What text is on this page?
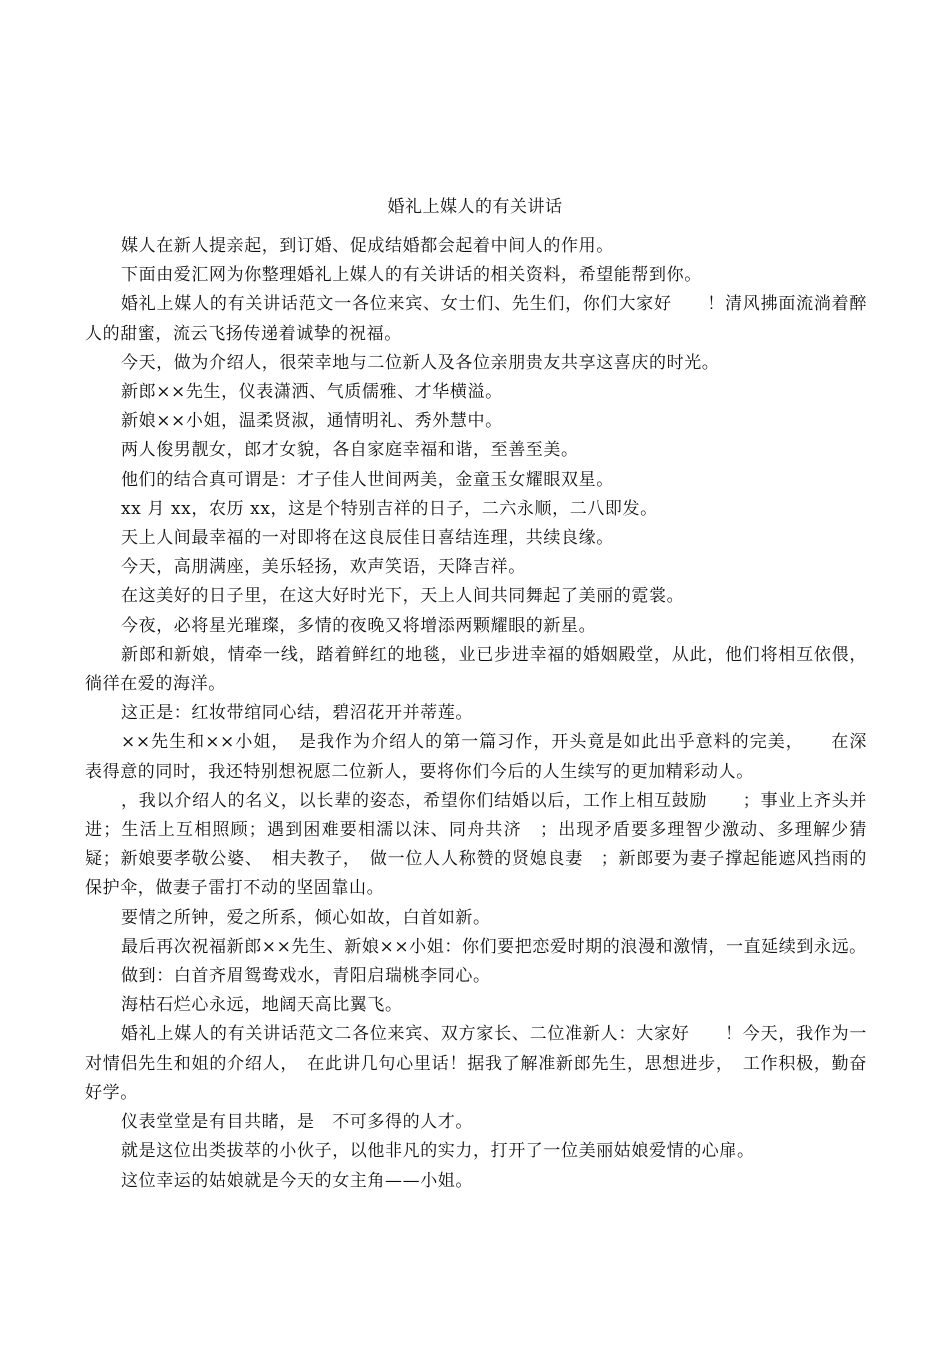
婚礼上媒人的有关讲话

媒人在新人提亲起，到订婚、促成结婚都会起着中间人的作用。

下面由爱汇网为你整理婚礼上媒人的有关讲话的相关资料，希望能帮到你。

婚礼上媒人的有关讲话范文一各位来宾、女士们、先生们，你们大家好　　！清风拂面流淌着醉人的甜蜜，流云飞扬传递着诚挚的祝福。

今天，做为介绍人，很荣幸地与二位新人及各位亲朋贵友共享这喜庆的时光。

新郎××先生，仪表潇洒、气质儒雅、才华横溢。

新娘××小姐，温柔贤淑，通情明礼、秀外慧中。

两人俊男靓女，郎才女貌，各自家庭幸福和谐，至善至美。

他们的结合真可谓是：才子佳人世间两美，金童玉女耀眼双星。

xx 月 xx，农历 xx，这是个特别吉祥的日子，二六永顺，二八即发。

天上人间最幸福的一对即将在这良辰佳日喜结连理，共续良缘。

今天，高朋满座，美乐轻扬，欢声笑语，天降吉祥。

在这美好的日子里，在这大好时光下，天上人间共同舞起了美丽的霓裳。

今夜，必将星光璀璨，多情的夜晚又将增添两颗耀眼的新星。

新郎和新娘，情牵一线，踏着鲜红的地毯，业已步进幸福的婚姻殿堂，从此，他们将相互依偎，徜徉在爱的海洋。

这正是：红妆带绾同心结，碧沼花开并蒂莲。

××先生和××小姐，　是我作为介绍人的第一篇习作，开头竟是如此出乎意料的完美，　　在深表得意的同时，我还特别想祝愿二位新人，要将你们今后的人生续写的更加精彩动人。

，我以介绍人的名义，以长辈的姿态，希望你们结婚以后，工作上相互鼓励　　；事业上齐头并进；生活上互相照顾；遇到困难要相濡以沫、同舟共济　；出现矛盾要多理智少激动、多理解少猜疑；新娘要孝敬公婆、　相夫教子，　做一位人人称赞的贤媳良妻　；新郎要为妻子撑起能遮风挡雨的保护伞，做妻子雷打不动的坚固靠山。

要情之所钟，爱之所系，倾心如故，白首如新。

最后再次祝福新郎××先生、新娘××小姐：你们要把恋爱时期的浪漫和激情，一直延续到永远。

做到：白首齐眉鸳鸯戏水，青阳启瑞桃李同心。

海枯石烂心永远，地阔天高比翼飞。

婚礼上媒人的有关讲话范文二各位来宾、双方家长、二位准新人：大家好　　！今天，我作为一对情侣先生和姐的介绍人，　在此讲几句心里话！据我了解准新郎先生，思想进步，　工作积极，勤奋好学。

仪表堂堂是有目共睹，是　不可多得的人才。

就是这位出类拔萃的小伙子，以他非凡的实力，打开了一位美丽姑娘爱情的心扉。

这位幸运的姑娘就是今天的女主角——小姐。
